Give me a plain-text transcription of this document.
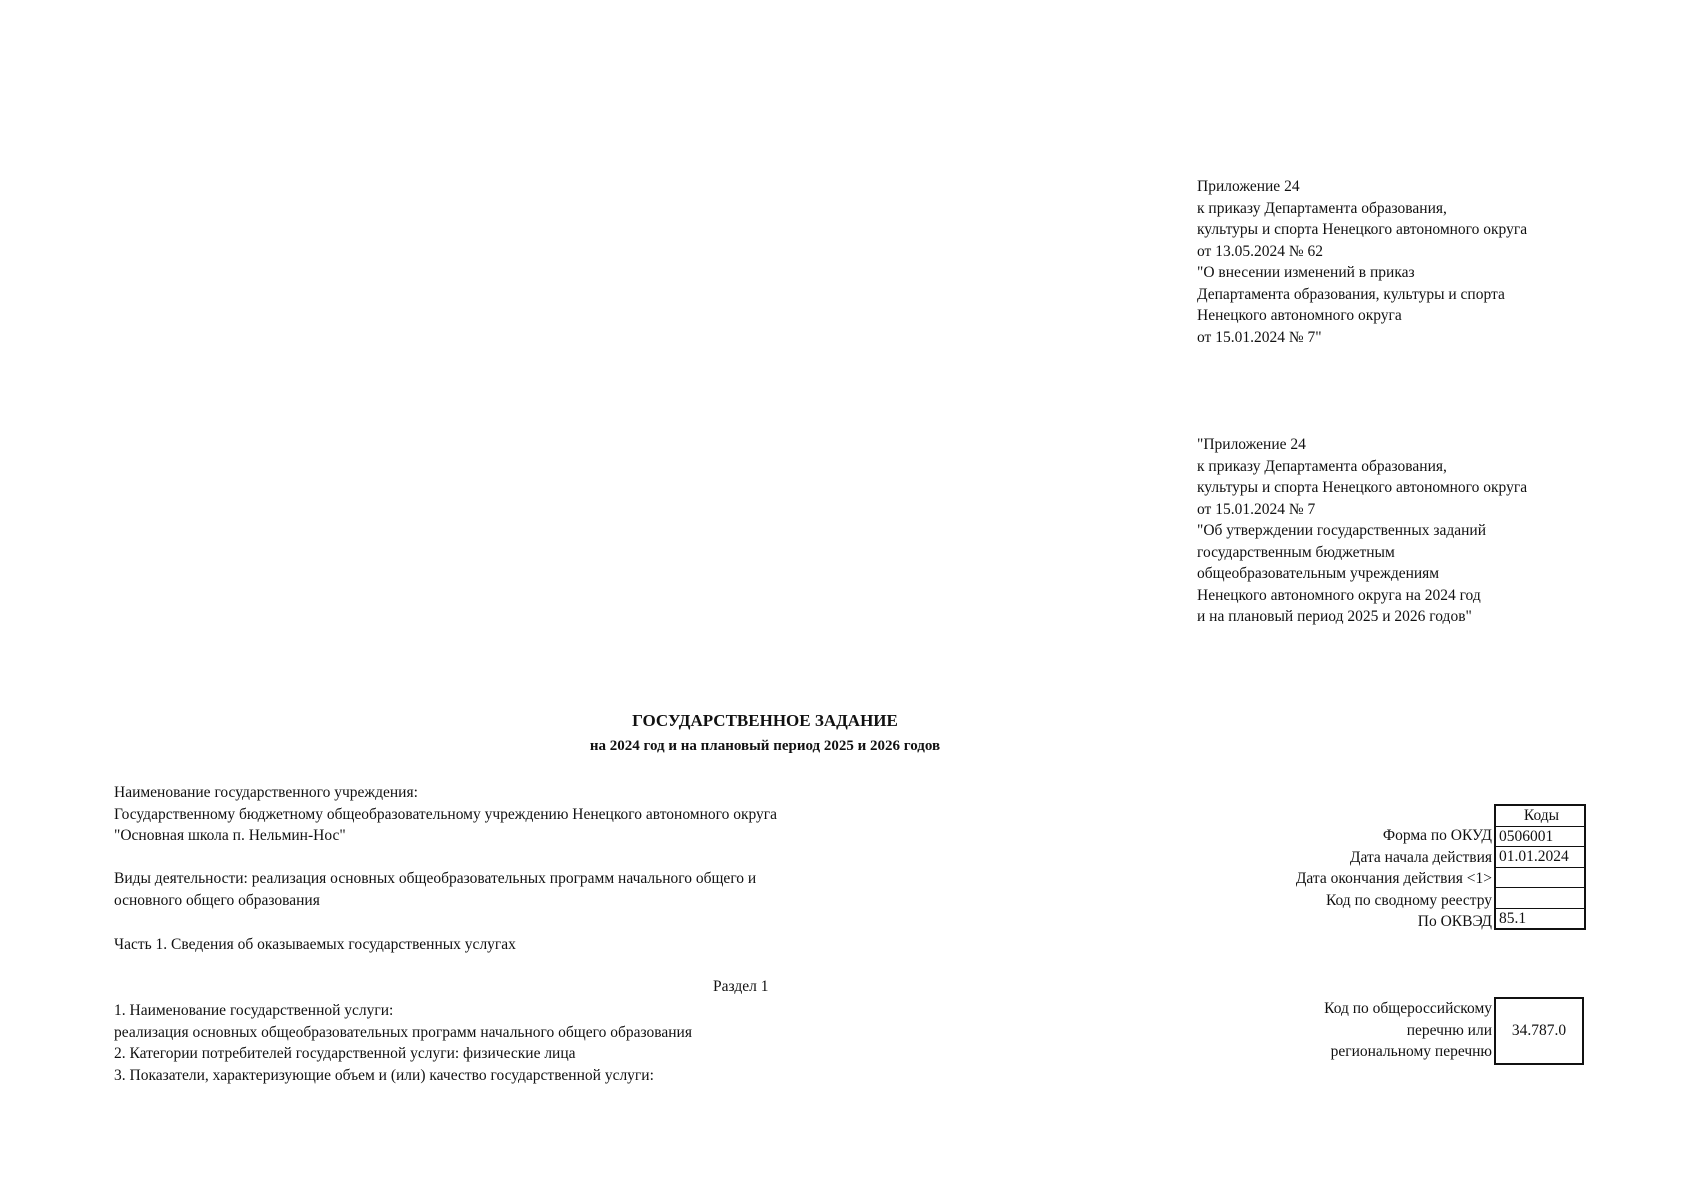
Приложение 24
к приказу Департамента образования,
культуры и спорта Ненецкого автономного округа
от 13.05.2024 № 62
"О внесении изменений в приказ
Департамента образования, культуры и спорта
Ненецкого автономного округа
от 15.01.2024 № 7"
"Приложение 24
к приказу Департамента образования,
культуры и спорта Ненецкого автономного округа
от 15.01.2024 № 7
"Об утверждении государственных заданий
государственным бюджетным
общеобразовательным учреждениям
Ненецкого автономного округа на 2024 год
и на плановый период 2025 и 2026 годов"
ГОСУДАРСТВЕННОЕ ЗАДАНИЕ
на 2024 год и на плановый период 2025 и 2026 годов
Наименование государственного учреждения:
Государственному бюджетному общеобразовательному учреждению Ненецкого автономного округа
"Основная школа п. Нельмин-Нос"
Виды деятельности: реализация основных общеобразовательных программ начального общего и
основного общего образования
Часть 1. Сведения об оказываемых государственных услугах
1. Наименование государственной услуги:
реализация основных общеобразовательных программ начального общего образования
2. Категории потребителей государственной услуги: физические лица
3. Показатели, характеризующие объем и (или) качество государственной услуги:
Раздел 1
Форма по ОКУД
Дата начала действия
Дата окончания действия <1>
Код по сводному реестру
По ОКВЭД
Коды
0506001
01.01.2024
85.1
Код по общероссийскому
перечню или
региональному перечню
34.787.0
